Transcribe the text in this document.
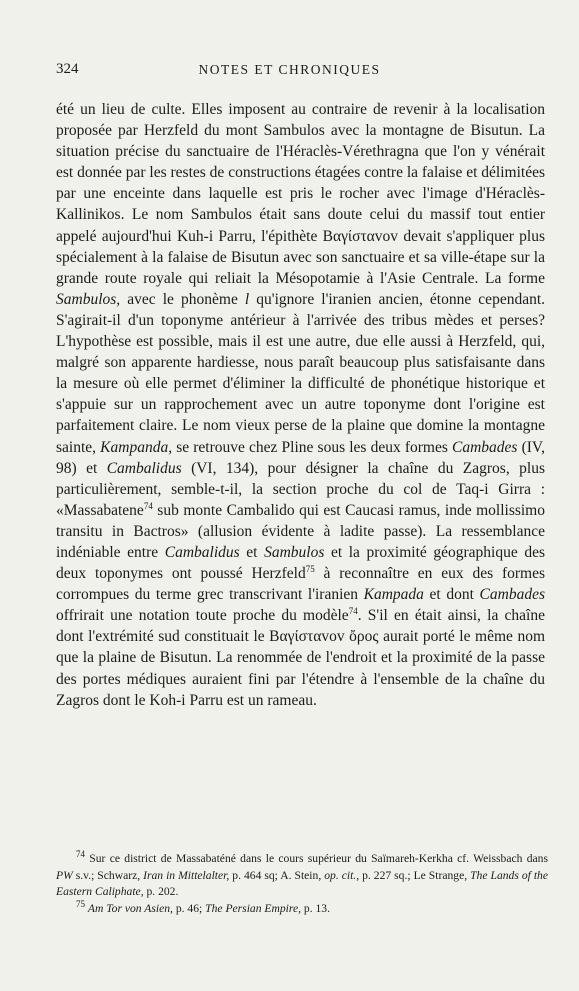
324	NOTES ET CHRONIQUES

été un lieu de culte. Elles imposent au contraire de revenir à la localisation proposée par Herzfeld du mont Sambulos avec la montagne de Bisutun. La situation précise du sanctuaire de l'Héraclès-Vérethragna que l'on y vénérait est donnée par les restes de constructions étagées contre la falaise et délimitées par une enceinte dans laquelle est pris le rocher avec l'image d'Héraclès-Kallinikos. Le nom Sambulos était sans doute celui du massif tout entier appelé aujourd'hui Kuh-i Parru, l'épithète Βαγίσταvov devait s'appliquer plus spécialement à la falaise de Bisutun avec son sanctuaire et sa ville-étape sur la grande route royale qui reliait la Mésopotamie à l'Asie Centrale. La forme Sambulos, avec le phonème l qu'ignore l'iranien ancien, étonne cependant. S'agirait-il d'un toponyme antérieur à l'arrivée des tribus mèdes et perses? L'hypothèse est possible, mais il est une autre, due elle aussi à Herzfeld, qui, malgré son apparente hardiesse, nous paraît beaucoup plus satisfaisante dans la mesure où elle permet d'éliminer la difficulté de phonétique historique et s'appuie sur un rapprochement avec un autre toponyme dont l'origine est parfaitement claire. Le nom vieux perse de la plaine que domine la montagne sainte, Kampanda, se retrouve chez Pline sous les deux formes Cambades (IV, 98) et Cambalidus (VI, 134), pour désigner la chaîne du Zagros, plus particulièrement, semble-t-il, la section proche du col de Taq-i Girra : «Massabatene$^{74}$ sub monte Cambalido qui est Caucasi ramus, inde mollissimo transitu in Bactros» (allusion évidente à ladite passe). La ressemblance indéniable entre Cambalidus et Sambulos et la proximité géographique des deux toponymes ont poussé Herzfeld$^{75}$ à reconnaître en eux des formes corrompues du terme grec transcrivant l'iranien Kampada et dont Cambades offrirait une notation toute proche du modèle$^{74}$. S'il en était ainsi, la chaîne dont l'extrémité sud constituait le Βαγίσταvov ὄρος aurait porté le même nom que la plaine de Bisutun. La renommée de l'endroit et la proximité de la passe des portes médiques auraient fini par l'étendre à l'ensemble de la chaîne du Zagros dont le Koh-i Parru est un rameau.

$^{74}$ Sur ce district de Massabaténé dans le cours supérieur du Saïmareh-Kerkha cf. Weissbach dans PW s.v.; Schwarz, Iran in Mittelalter, p. 464 sq; A. Stein, op. cit., p. 227 sq.; Le Strange, The Lands of the Eastern Caliphate, p. 202.

$^{75}$ Am Tor von Asien, p. 46; The Persian Empire, p. 13.
